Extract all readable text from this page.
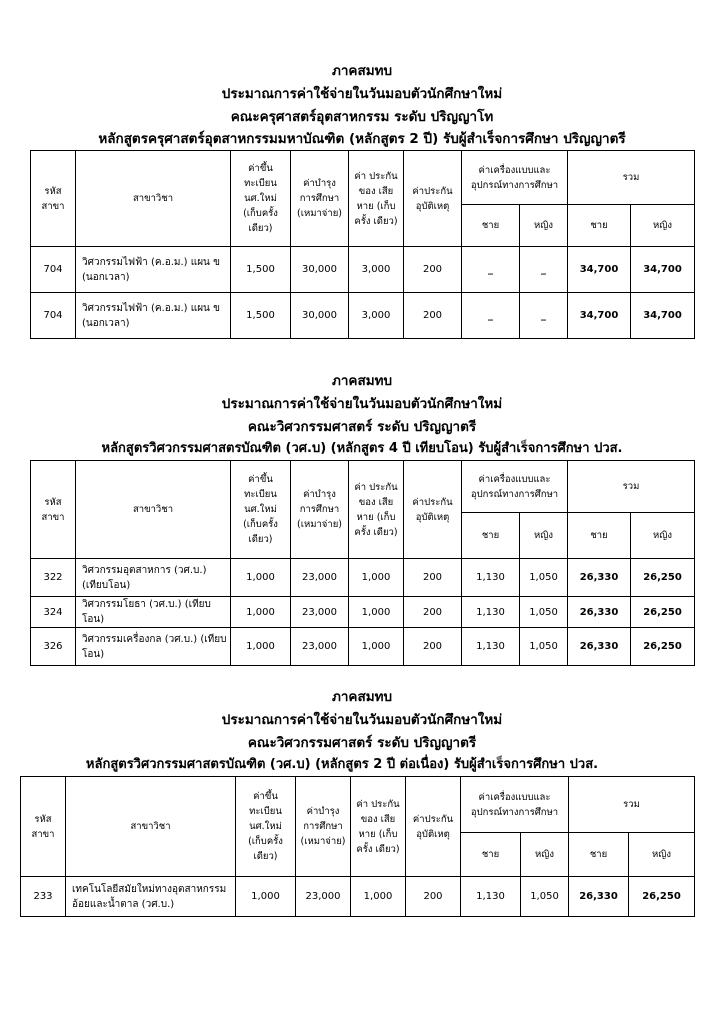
ภาคสมทบ
ประมาณการค่าใช้จ่ายในวันมอบตัวนักศึกษาใหม่
คณะครุศาสตร์อุตสาหกรรม ระดับ ปริญญาโท
หลักสูตรครุศาสตร์อุตสาหกรรมมหาบัณฑิต (หลักสูตร 2 ปี) รับผู้สำเร็จการศึกษา ปริญญาตรี
รหัส สาขา	สาขาวิชา	ค่าขึ้นทะเบียน นศ.ใหม่ (เก็บครั้งเดียว)	ค่าบำรุง การศึกษา (เหมาจ่าย)	ค่า ประกัน ของ เสียหาย (เก็บครั้ง เดียว)	ค่าประกัน อุบัติเหตุ	ค่าเครื่องแบบและ อุปกรณ์ทางการศึกษา		รวม	
						ชาย	หญิง	ชาย	หญิง
704	วิศวกรรมไฟฟ้า (ค.อ.ม.) แผน ข (นอกเวลา)	1,500	30,000	3,000	200	_	_	34,700	34,700
704	วิศวกรรมไฟฟ้า (ค.อ.ม.) แผน ข (นอกเวลา)	1,500	30,000	3,000	200	_	_	34,700	34,700
ภาคสมทบ
ประมาณการค่าใช้จ่ายในวันมอบตัวนักศึกษาใหม่
คณะวิศวกรรมศาสตร์ ระดับ ปริญญาตรี
หลักสูตรวิศวกรรมศาสตรบัณฑิต (วศ.บ) (หลักสูตร 4 ปี เทียบโอน) รับผู้สำเร็จการศึกษา ปวส.
รหัส สาขา	สาขาวิชา	ค่าขึ้นทะเบียน นศ.ใหม่ (เก็บครั้งเดียว)	ค่าบำรุง การศึกษา (เหมาจ่าย)	ค่า ประกัน ของ เสียหาย (เก็บครั้ง เดียว)	ค่าประกัน อุบัติเหตุ	ค่าเครื่องแบบและ อุปกรณ์ทางการศึกษา		รวม	
						ชาย	หญิง	ชาย	หญิง
322	วิศวกรรมอุตสาหการ (วศ.บ.) (เทียบโอน)	1,000	23,000	1,000	200	1,130	1,050	26,330	26,250
324	วิศวกรรมโยธา (วศ.บ.) (เทียบโอน)	1,000	23,000	1,000	200	1,130	1,050	26,330	26,250
326	วิศวกรรมเครื่องกล (วศ.บ.) (เทียบโอน)	1,000	23,000	1,000	200	1,130	1,050	26,330	26,250
ภาคสมทบ
ประมาณการค่าใช้จ่ายในวันมอบตัวนักศึกษาใหม่
คณะวิศวกรรมศาสตร์ ระดับ ปริญญาตรี
หลักสูตรวิศวกรรมศาสตรบัณฑิต (วศ.บ) (หลักสูตร 2 ปี ต่อเนื่อง) รับผู้สำเร็จการศึกษา ปวส.
รหัส สาขา	สาขาวิชา	ค่าขึ้นทะเบียน นศ.ใหม่ (เก็บครั้งเดียว)	ค่าบำรุง การศึกษา (เหมาจ่าย)	ค่า ประกัน ของ เสียหาย (เก็บครั้ง เดียว)	ค่าประกัน อุบัติเหตุ	ค่าเครื่องแบบและ อุปกรณ์ทางการศึกษา		รวม	
						ชาย	หญิง	ชาย	หญิง
233	เทคโนโลยีสมัยใหม่ทางอุตสาหกรรม อ้อยและน้ำตาล (วศ.บ.)	1,000	23,000	1,000	200	1,130	1,050	26,330	26,250
